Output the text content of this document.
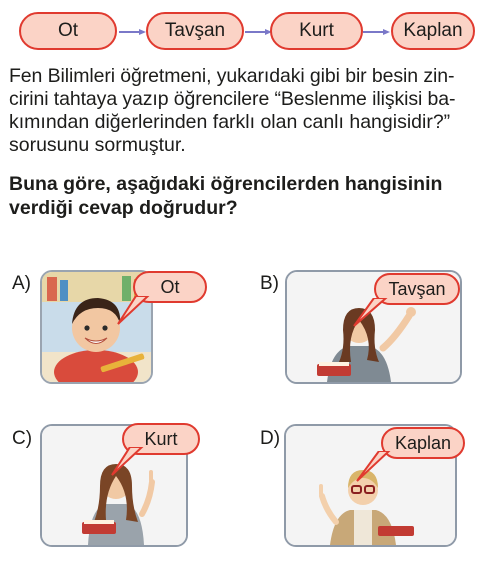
Ot	Tavşan	Kurt	Kaplan
Fen Bilimleri öğretmeni, yukarıdaki gibi bir besin zin-
cirini tahtaya yazıp öğrencilere “Beslenme ilişkisi ba-
kımından diğerlerinden farklı olan canlı hangisidir?”
sorusunu sormuştur.
Buna göre, aşağıdaki öğrencilerden hangisinin
verdiği cevap doğrudur?
A)	Ot	B)	Tavşan
C)	Kurt	D)	Kaplan
